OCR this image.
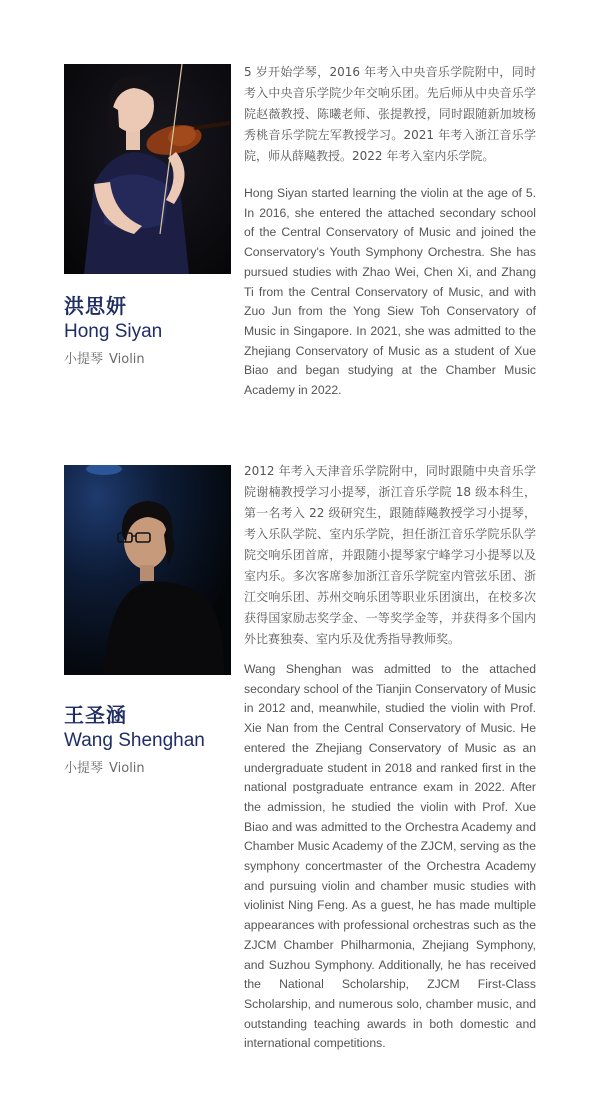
洪思妍
Hong Siyan
小提琴 Violin

5 岁开始学琴，2016 年考入中央音乐学院附中，同时考入中央音乐学院少年交响乐团。先后师从中央音乐学院赵薇教授、陈曦老师、张提教授，同时跟随新加坡杨秀桃音乐学院左军教授学习。2021 年考入浙江音乐学院，师从薛飚教授。2022 年考入室内乐学院。

Hong Siyan started learning the violin at the age of 5. In 2016, she entered the attached secondary school of the Central Conservatory of Music and joined the Conservatory's Youth Symphony Orchestra. She has pursued studies with Zhao Wei, Chen Xi, and Zhang Ti from the Central Conservatory of Music, and with Zuo Jun from the Yong Siew Toh Conservatory of Music in Singapore. In 2021, she was admitted to the Zhejiang Conservatory of Music as a student of Xue Biao and began studying at the Chamber Music Academy in 2022.

王圣涵
Wang Shenghan
小提琴 Violin

2012 年考入天津音乐学院附中，同时跟随中央音乐学院谢楠教授学习小提琴，浙江音乐学院 18 级本科生，第一名考入 22 级研究生，跟随薛飚教授学习小提琴，考入乐队学院、室内乐学院，担任浙江音乐学院乐队学院交响乐团首席，并跟随小提琴家宁峰学习小提琴以及室内乐。多次客席参加浙江音乐学院室内管弦乐团、浙江交响乐团、苏州交响乐团等职业乐团演出，在校多次获得国家励志奖学金、一等奖学金等，并获得多个国内外比赛独奏、室内乐及优秀指导教师奖。

Wang Shenghan was admitted to the attached secondary school of the Tianjin Conservatory of Music in 2012 and, meanwhile, studied the violin with Prof. Xie Nan from the Central Conservatory of Music. He entered the Zhejiang Conservatory of Music as an undergraduate student in 2018 and ranked first in the national postgraduate entrance exam in 2022. After the admission, he studied the violin with Prof. Xue Biao and was admitted to the Orchestra Academy and Chamber Music Academy of the ZJCM, serving as the symphony concertmaster of the Orchestra Academy and pursuing violin and chamber music studies with violinist Ning Feng. As a guest, he has made multiple appearances with professional orchestras such as the ZJCM Chamber Philharmonia, Zhejiang Symphony, and Suzhou Symphony. Additionally, he has received the National Scholarship, ZJCM First-Class Scholarship, and numerous solo, chamber music, and outstanding teaching awards in both domestic and international competitions.
